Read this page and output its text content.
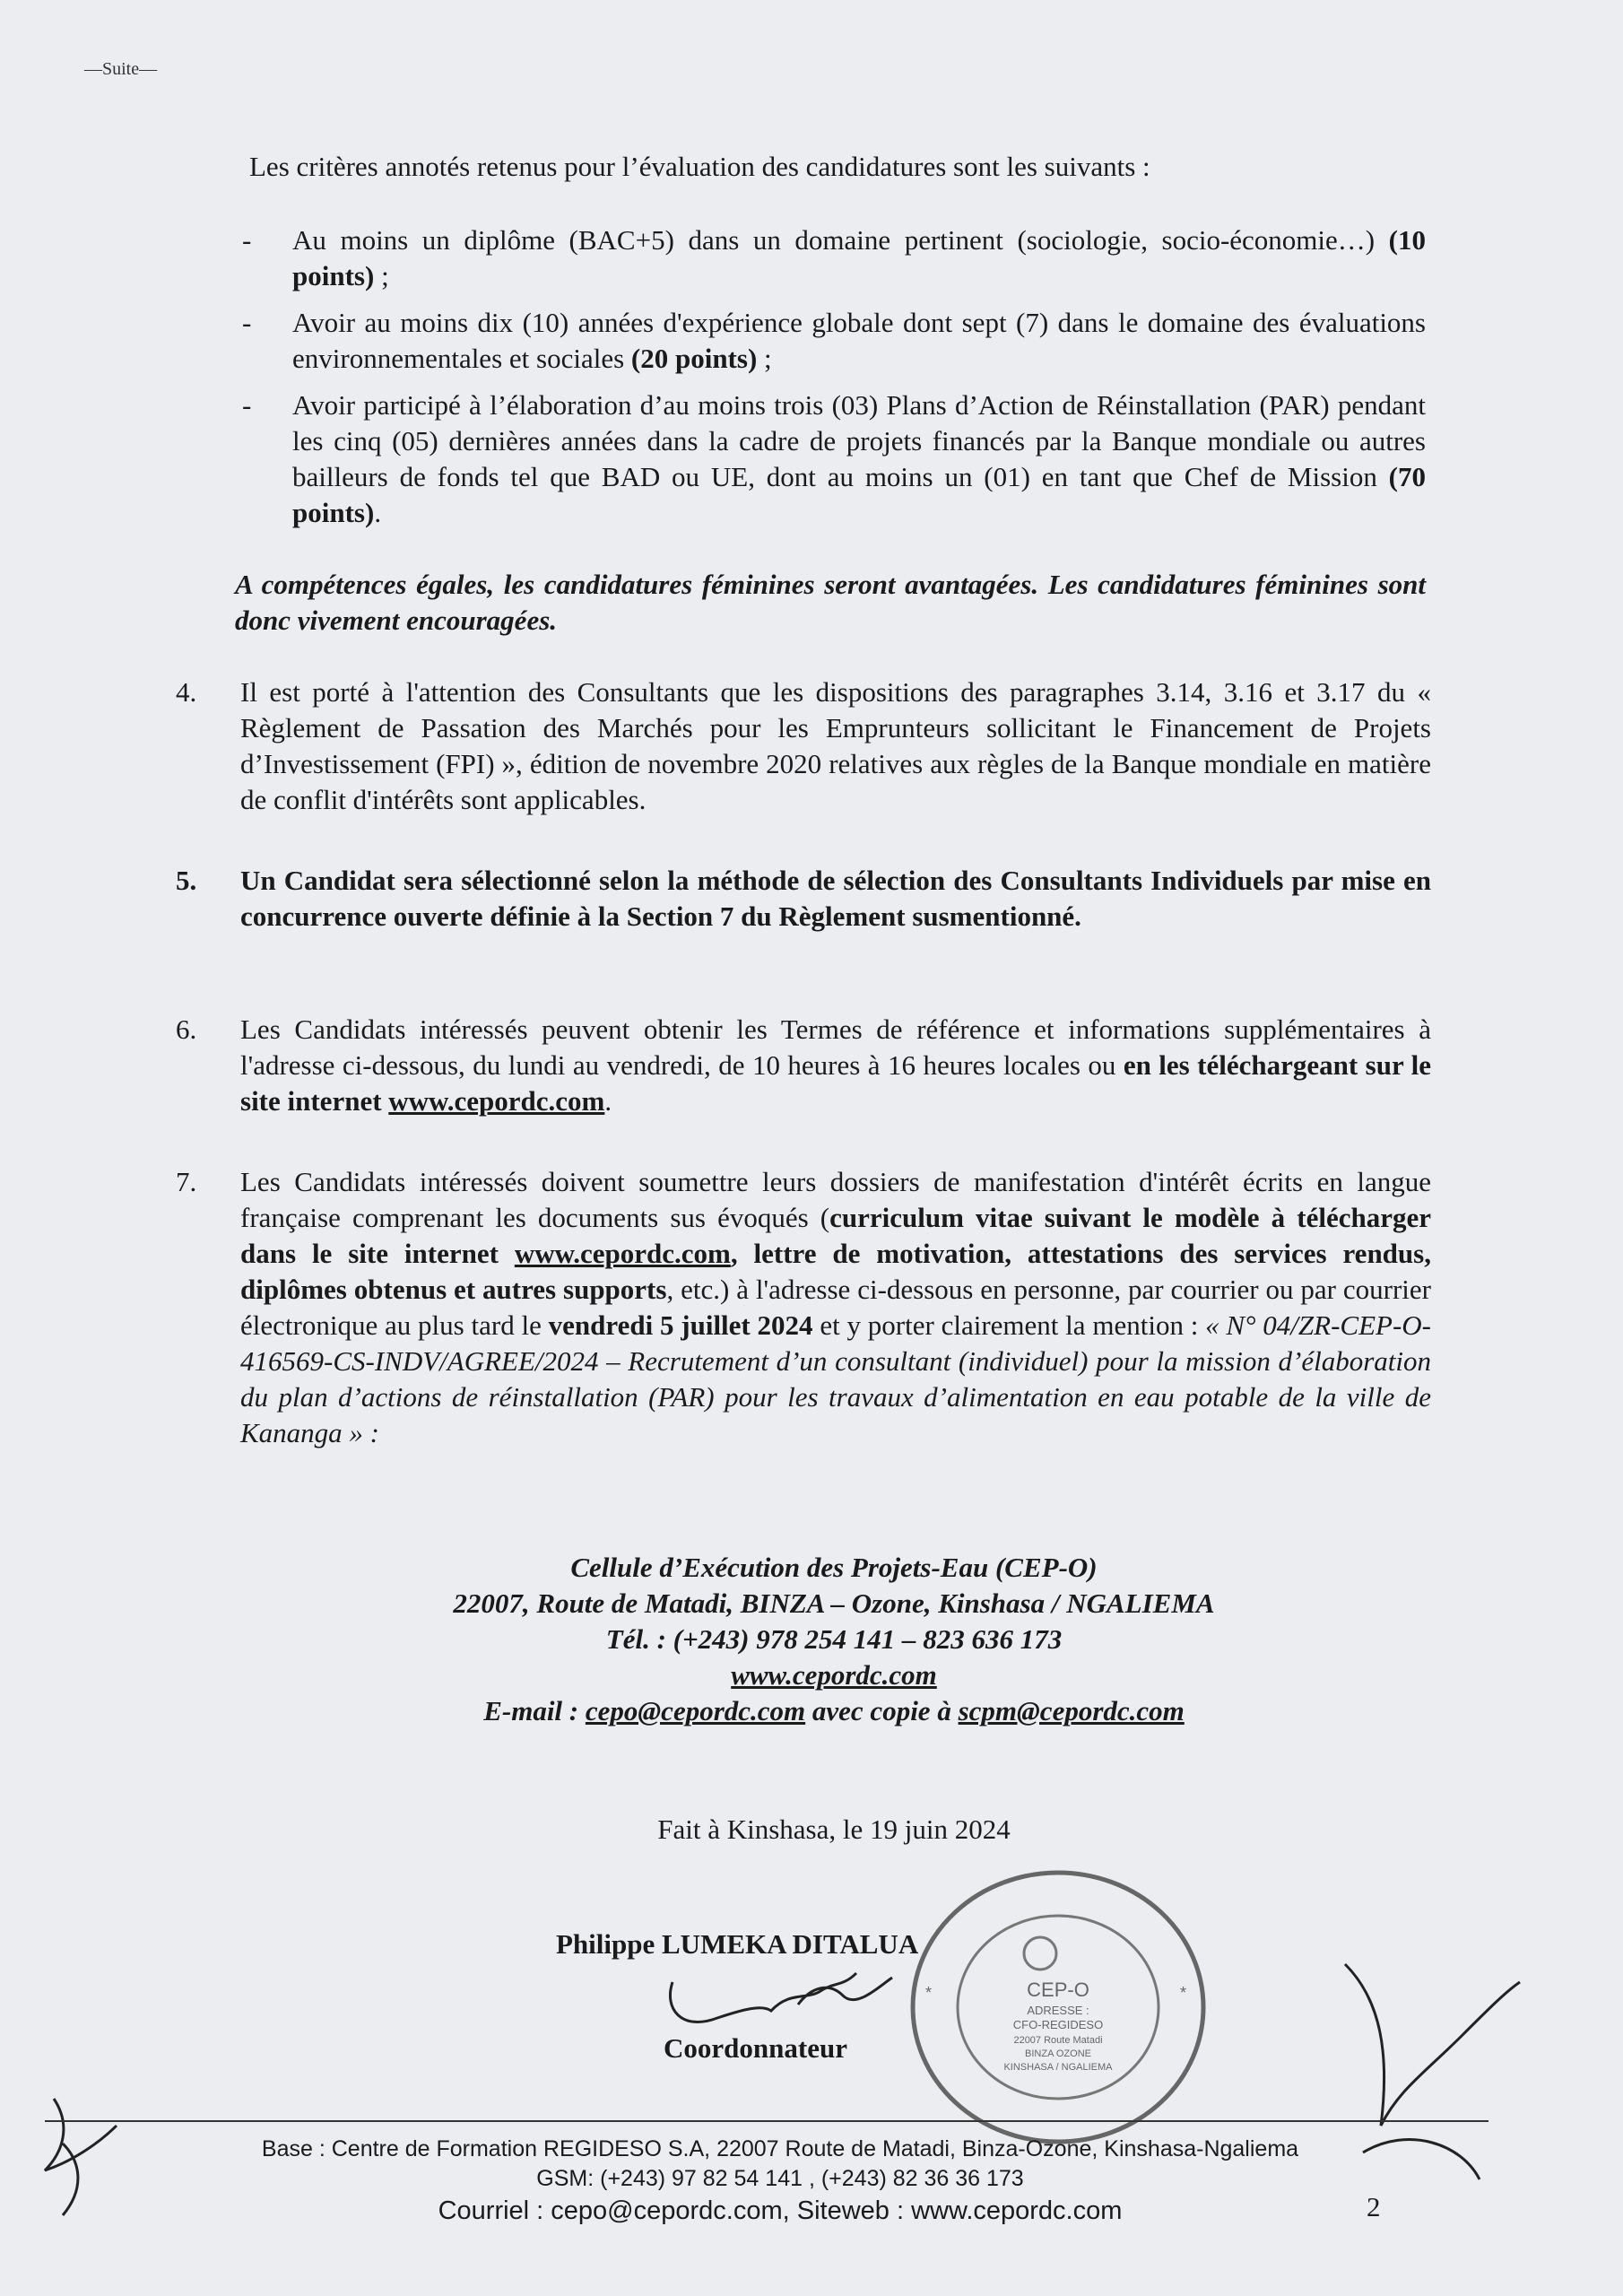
—Suite—
Les critères annotés retenus pour l’évaluation des candidatures sont les suivants :
-	Au moins un diplôme (BAC+5) dans un domaine pertinent (sociologie, socio-économie…) (10 points) ;
-	Avoir au moins dix (10) années d'expérience globale dont sept (7) dans le domaine des évaluations environnementales et sociales (20 points) ;
-	Avoir participé à l’élaboration d’au moins trois (03) Plans d’Action de Réinstallation (PAR) pendant les cinq (05) dernières années dans la cadre de projets financés par la Banque mondiale ou autres bailleurs de fonds tel que BAD ou UE, dont au moins un (01) en tant que Chef de Mission (70 points).
A compétences égales, les candidatures féminines seront avantagées. Les candidatures féminines sont donc vivement encouragées.
4.	Il est porté à l'attention des Consultants que les dispositions des paragraphes 3.14, 3.16 et 3.17 du « Règlement de Passation des Marchés pour les Emprunteurs sollicitant le Financement de Projets d’Investissement (FPI) », édition de novembre 2020 relatives aux règles de la Banque mondiale en matière de conflit d'intérêts sont applicables.
5.	Un Candidat sera sélectionné selon la méthode de sélection des Consultants Individuels par mise en concurrence ouverte définie à la Section 7 du Règlement susmentionné.
6.	Les Candidats intéressés peuvent obtenir les Termes de référence et informations supplémentaires à l'adresse ci-dessous, du lundi au vendredi, de 10 heures à 16 heures locales ou en les téléchargeant sur le site internet www.cepordc.com.
7.	Les Candidats intéressés doivent soumettre leurs dossiers de manifestation d'intérêt écrits en langue française comprenant les documents sus évoqués (curriculum vitae suivant le modèle à télécharger dans le site internet www.cepordc.com, lettre de motivation, attestations des services rendus, diplômes obtenus et autres supports, etc.) à l'adresse ci-dessous en personne, par courrier ou par courrier électronique au plus tard le vendredi 5 juillet 2024 et y porter clairement la mention : « N° 04/ZR-CEP-O-416569-CS-INDV/AGREE/2024 – Recrutement d’un consultant (individuel) pour la mission d’élaboration du plan d’actions de réinstallation (PAR) pour les travaux d’alimentation en eau potable de la ville de Kananga » :
Cellule d’Exécution des Projets-Eau (CEP-O)
22007, Route de Matadi, BINZA – Ozone, Kinshasa / NGALIEMA
Tél. : (+243) 978 254 141 – 823 636 173
www.cepordc.com
E-mail : cepo@cepordc.com avec copie à scpm@cepordc.com
Fait à Kinshasa, le 19 juin 2024
Philippe LUMEKA DITALUA
Coordonnateur
CEP-O
ADRESSE :
CFO-REGIDESO
22007 Route Matadi
BINZA OZONE
KINSHASA / NGALIEMA
*	*
Base : Centre de Formation REGIDESO S.A, 22007 Route de Matadi, Binza-Ozone, Kinshasa-Ngaliema
GSM: (+243) 97 82 54 141 , (+243) 82 36 36 173
Courriel : cepo@cepordc.com, Siteweb : www.cepordc.com	2
